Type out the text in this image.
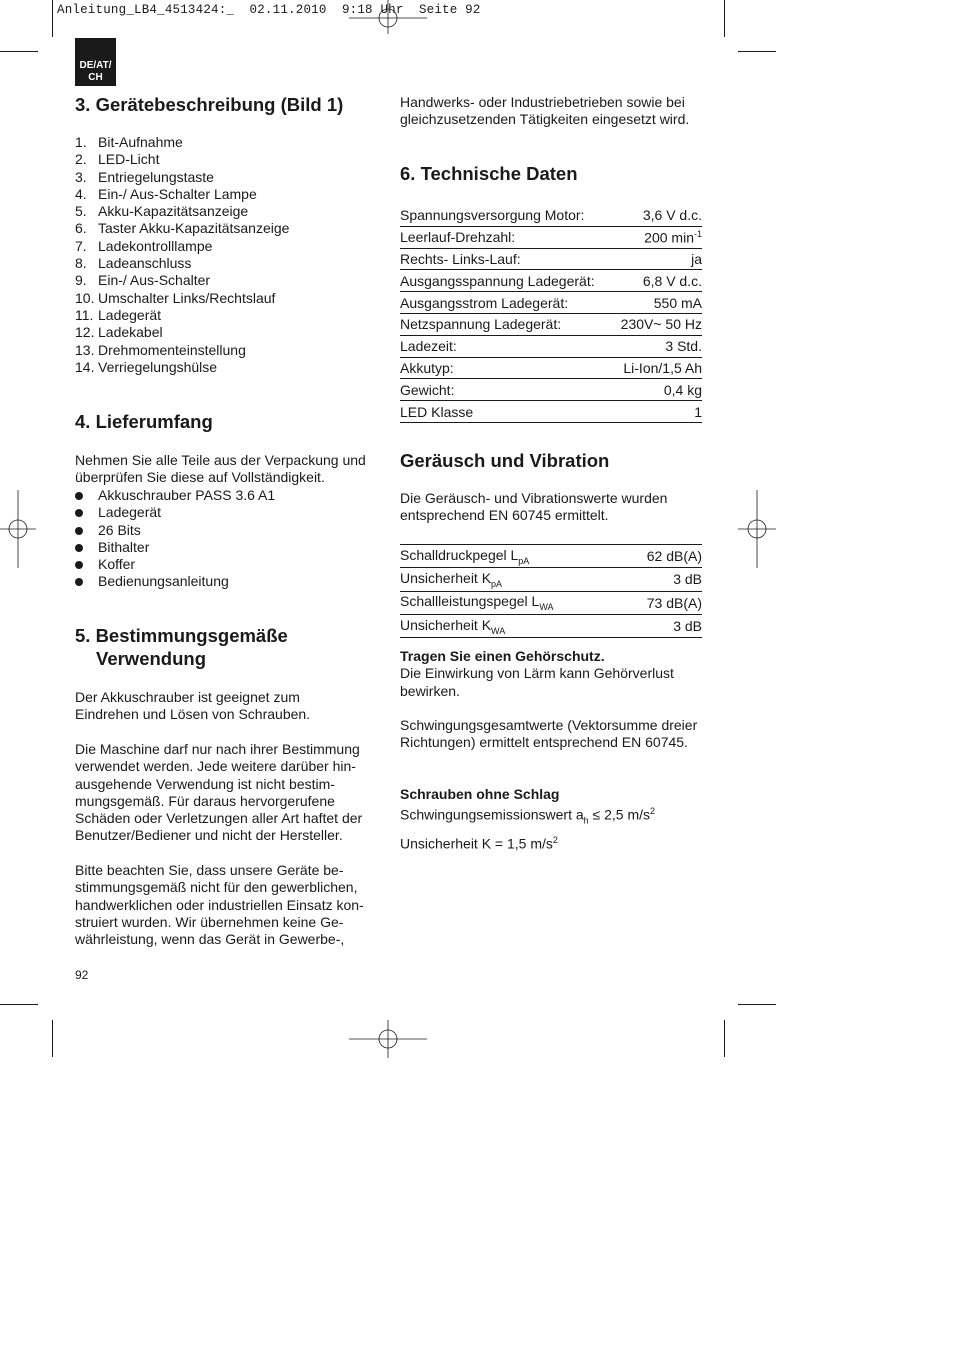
Anleitung_LB4_4513424:_  02.11.2010  9:18 Uhr  Seite 92
DE/AT/
CH
3. Gerätebeschreibung (Bild 1)
1. Bit-Aufnahme
2. LED-Licht
3. Entriegelungstaste
4. Ein-/ Aus-Schalter Lampe
5. Akku-Kapazitätsanzeige
6. Taster Akku-Kapazitätsanzeige
7. Ladekontrolllampe
8. Ladeanschluss
9. Ein-/ Aus-Schalter
10. Umschalter Links/Rechtslauf
11. Ladegerät
12. Ladekabel
13. Drehmomenteinstellung
14. Verriegelungshülse
4. Lieferumfang
Nehmen Sie alle Teile aus der Verpackung und überprüfen Sie diese auf Vollständigkeit.
Akkuschrauber PASS 3.6 A1
Ladegerät
26 Bits
Bithalter
Koffer
Bedienungsanleitung
5. Bestimmungsgemäße
Verwendung
Der Akkuschrauber ist geeignet zum Eindrehen und Lösen von Schrauben.
Die Maschine darf nur nach ihrer Bestimmung verwendet werden. Jede weitere darüber hin-ausgehende Verwendung ist nicht bestim-mungsgemäß. Für daraus hervorgerufene Schäden oder Verletzungen aller Art haftet der Benutzer/Bediener und nicht der Hersteller.
Bitte beachten Sie, dass unsere Geräte be-stimmungsgemäß nicht für den gewerblichen, handwerklichen oder industriellen Einsatz kon-struiert wurden. Wir übernehmen keine Ge-währleistung, wenn das Gerät in Gewerbe-,
92
Handwerks- oder Industriebetrieben sowie bei gleichzusetzenden Tätigkeiten eingesetzt wird.
6. Technische Daten
Spannungsversorgung Motor:	3,6 V d.c.
Leerlauf-Drehzahl:	200 $\min^{-1}$
Rechts- Links-Lauf:	ja
Ausgangsspannung Ladegerät:	6,8 V d.c.
Ausgangsstrom Ladegerät:	550 mA
Netzspannung Ladegerät:	230V~ 50 Hz
Ladezeit:	3 Std.
Akkutyp:	Li-Ion/1,5 Ah
Gewicht:	0,4 kg
LED Klasse	1
Geräusch und Vibration
Die Geräusch- und Vibrationswerte wurden entsprechend EN 60745 ermittelt.
Schalldruckpegel $L_{pA}$	62 dB(A)
Unsicherheit $K_{pA}$	3 dB
Schallleistungspegel $L_{WA}$	73 dB(A)
Unsicherheit $K_{WA}$	3 dB
Tragen Sie einen Gehörschutz.
Die Einwirkung von Lärm kann Gehörverlust bewirken.
Schwingungsgesamtwerte (Vektorsumme dreier Richtungen) ermittelt entsprechend EN 60745.
Schrauben ohne Schlag
Schwingungsemissionswert $a_h \le 2,5$ $m/s^2$
Unsicherheit K = 1,5 $m/s^2$
